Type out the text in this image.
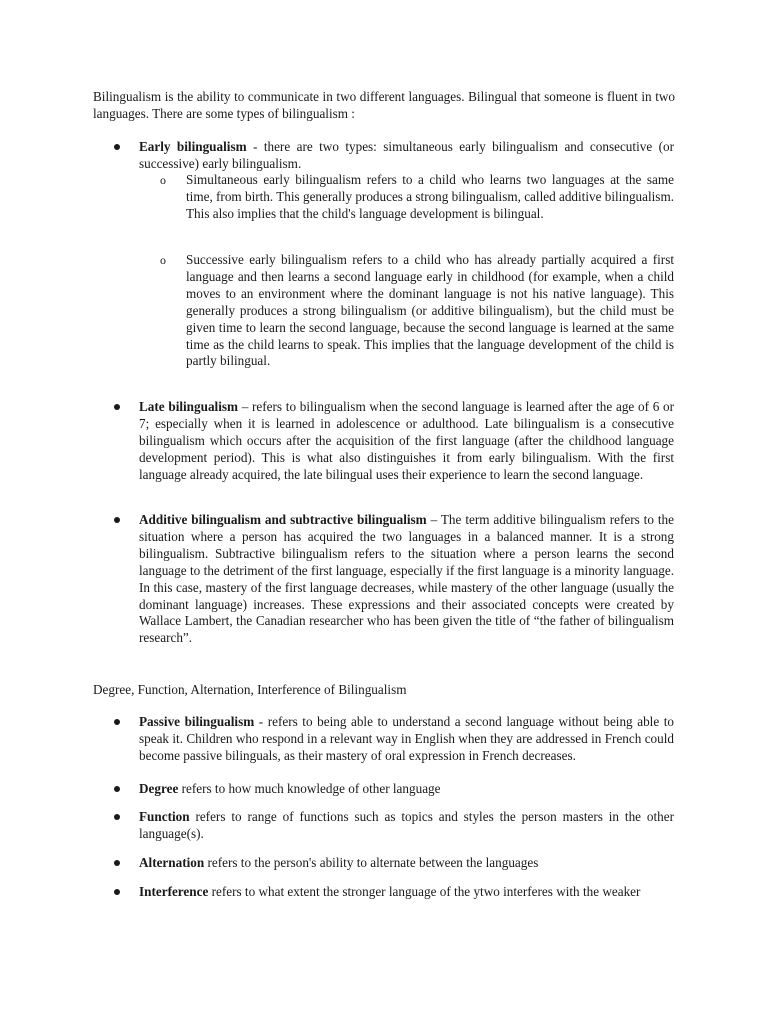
Bilingualism is the ability to communicate in two different languages. Bilingual that someone is fluent in two languages. There are some types of bilingualism :

Early bilingualism - there are two types: simultaneous early bilingualism and consecutive (or successive) early bilingualism.

o Simultaneous early bilingualism refers to a child who learns two languages at the same time, from birth. This generally produces a strong bilingualism, called additive bilingualism. This also implies that the child's language development is bilingual.

o Successive early bilingualism refers to a child who has already partially acquired a first language and then learns a second language early in childhood (for example, when a child moves to an environment where the dominant language is not his native language). This generally produces a strong bilingualism (or additive bilingualism), but the child must be given time to learn the second language, because the second language is learned at the same time as the child learns to speak. This implies that the language development of the child is partly bilingual.

Late bilingualism – refers to bilingualism when the second language is learned after the age of 6 or 7; especially when it is learned in adolescence or adulthood. Late bilingualism is a consecutive bilingualism which occurs after the acquisition of the first language (after the childhood language development period). This is what also distinguishes it from early bilingualism. With the first language already acquired, the late bilingual uses their experience to learn the second language.

Additive bilingualism and subtractive bilingualism – The term additive bilingualism refers to the situation where a person has acquired the two languages in a balanced manner. It is a strong bilingualism. Subtractive bilingualism refers to the situation where a person learns the second language to the detriment of the first language, especially if the first language is a minority language. In this case, mastery of the first language decreases, while mastery of the other language (usually the dominant language) increases. These expressions and their associated concepts were created by Wallace Lambert, the Canadian researcher who has been given the title of “the father of bilingualism research”.

Degree, Function, Alternation, Interference of Bilingualism

Passive bilingualism - refers to being able to understand a second language without being able to speak it. Children who respond in a relevant way in English when they are addressed in French could become passive bilinguals, as their mastery of oral expression in French decreases.

Degree refers to how much knowledge of other language

Function refers to range of functions such as topics and styles the person masters in the other language(s).

Alternation refers to the person's ability to alternate between the languages

Interference refers to what extent the stronger language of the ytwo interferes with the weaker
